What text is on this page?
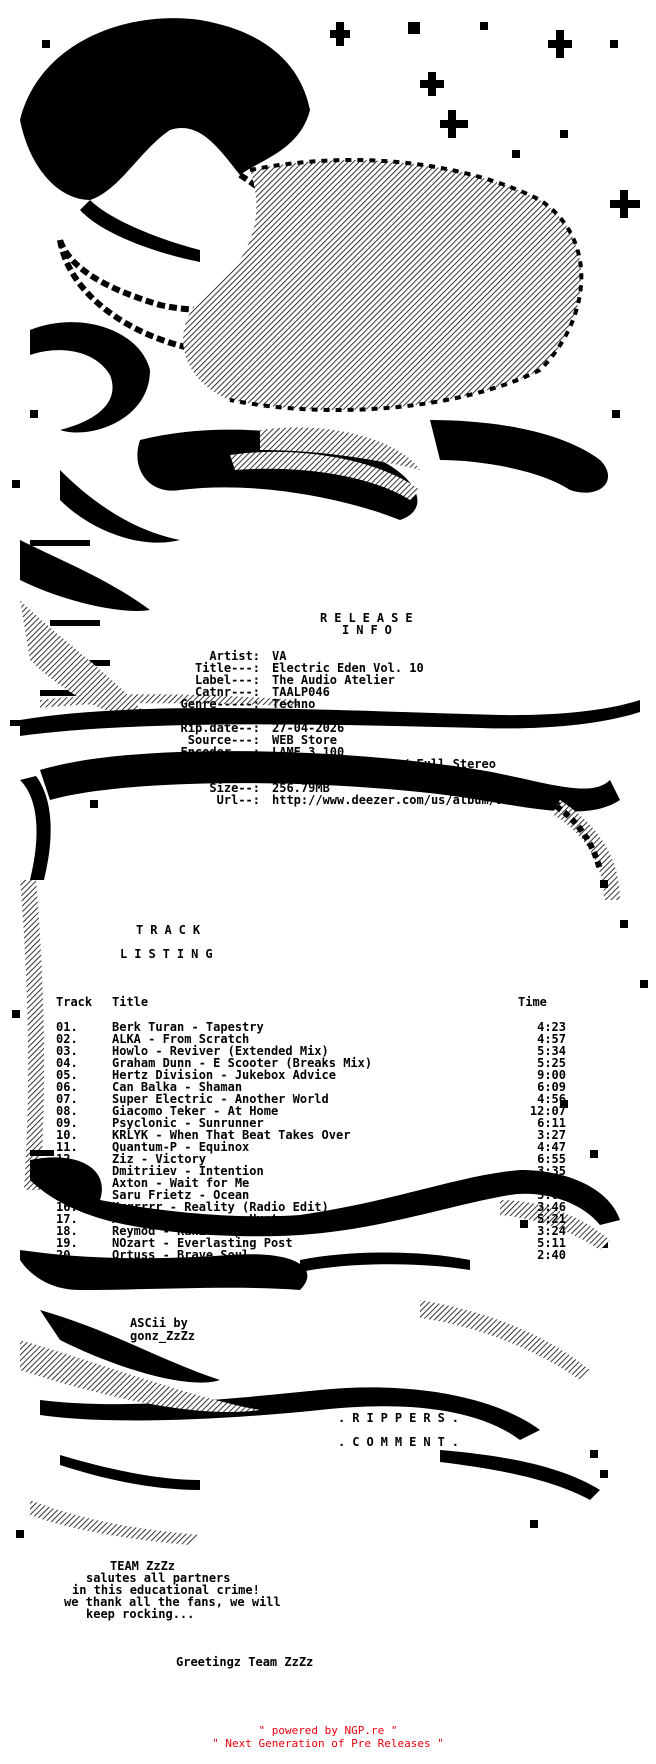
RELEASE
INFO
Artist: VA
Title---: Electric Eden Vol. 10
Label---: The Audio Atelier
Catnr---: TAALP046
Genre-----: Techno
Str.date--: 06-04-2026
Rip.date--: 27-04-2026
Source---: WEB Store
Encoder---: LAME 3.100
Quality--: 320kbps / 4410kHz / Full Stereo
Tracks--: 20
Size--: 256.79MB
Url--: http://www.deezer.com/us/album/941603401
TRACK
LISTING
Track Title	Time
01.	Berk Turan - Tapestry	4:23
02.	ALKA - From Scratch	4:57
03.	Howlo - Reviver (Extended Mix)	5:34
04.	Graham Dunn - E Scooter (Breaks Mix)	5:25
05.	Hertz Division - Jukebox Advice	9:00
06.	Can Balka - Shaman	6:09
07.	Super Electric - Another World	4:56
08.	Giacomo Teker - At Home	12:07
09.	Psyclonic - Sunrunner	6:11
10.	KRLYK - When That Beat Takes Over	3:27
11.	Quantum-P - Equinox	4:47
12.	Ziz - Victory	6:55
13.	Dmitriiev - Intention	3:35
14.	Axton - Wait for Me	3:33
15.	Saru Frietz - Ocean	5:01
16.	Urrrrrr - Reality (Radio Edit)	3:46
17.	Asineus - Treasure Hunt	5:21
18.	Reymod - Ranita Space	3:24
19.	NOzart - Everlasting Post	5:11
20.	Ortuss - Brave Soul	2:40
ASCii by
gonz_ZzZz
.RIPPERS.
.COMMENT.
TEAM ZzZz
salutes all partners
in this educational crime!
we thank all the fans, we will
keep rocking...
Greetingz Team ZzZz
" powered by NGP.re "
" Next Generation of Pre Releases "
